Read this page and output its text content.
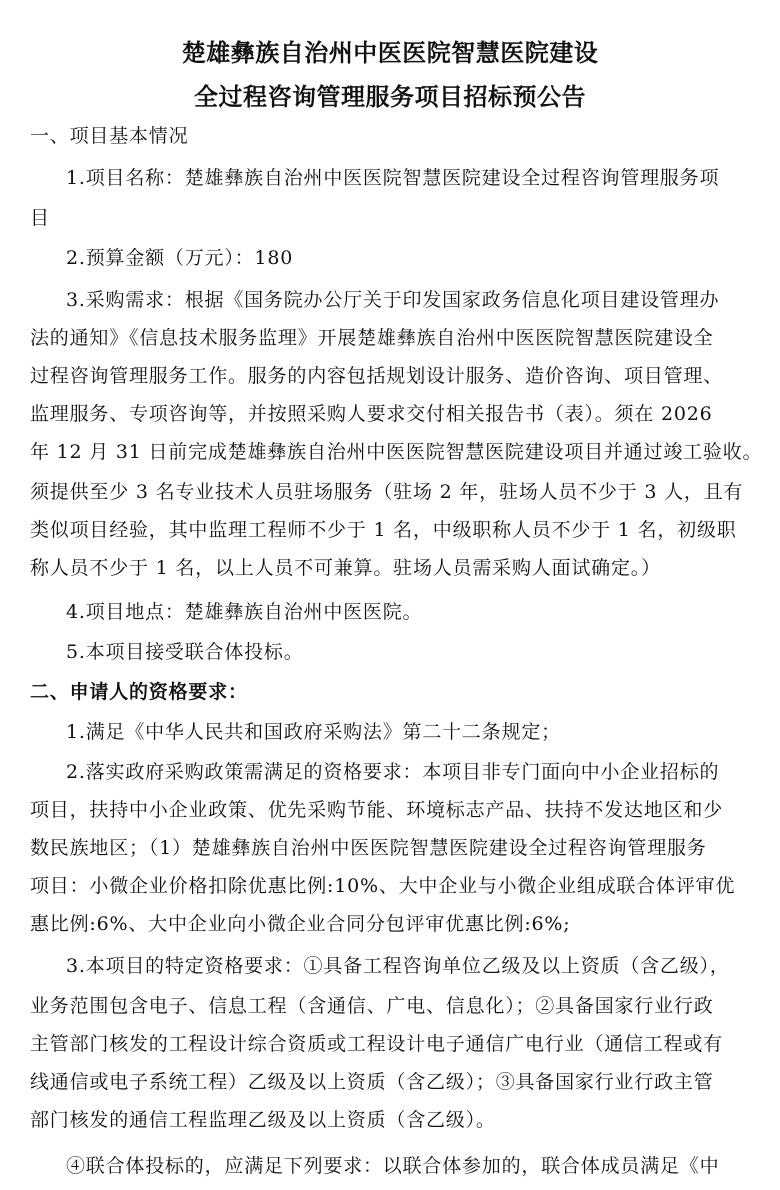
楚雄彝族自治州中医医院智慧医院建设
全过程咨询管理服务项目招标预公告
一、项目基本情况
1.项目名称：楚雄彝族自治州中医医院智慧医院建设全过程咨询管理服务项
目
2.预算金额（万元）：180
3.采购需求：根据《国务院办公厅关于印发国家政务信息化项目建设管理办
法的通知》《信息技术服务监理》开展楚雄彝族自治州中医医院智慧医院建设全
过程咨询管理服务工作。服务的内容包括规划设计服务、造价咨询、项目管理、
监理服务、专项咨询等，并按照采购人要求交付相关报告书（表）。须在 2026
年 12 月 31 日前完成楚雄彝族自治州中医医院智慧医院建设项目并通过竣工验收。
须提供至少 3 名专业技术人员驻场服务（驻场 2 年，驻场人员不少于 3 人，且有
类似项目经验，其中监理工程师不少于 1 名，中级职称人员不少于 1 名，初级职
称人员不少于 1 名，以上人员不可兼算。驻场人员需采购人面试确定。）
4.项目地点：楚雄彝族自治州中医医院。
5.本项目接受联合体投标。
二、申请人的资格要求：
1.满足《中华人民共和国政府采购法》第二十二条规定；
2.落实政府采购政策需满足的资格要求：本项目非专门面向中小企业招标的
项目，扶持中小企业政策、优先采购节能、环境标志产品、扶持不发达地区和少
数民族地区；（1）楚雄彝族自治州中医医院智慧医院建设全过程咨询管理服务
项目：小微企业价格扣除优惠比例:10%、大中企业与小微企业组成联合体评审优
惠比例:6%、大中企业向小微企业合同分包评审优惠比例:6%;
3.本项目的特定资格要求：①具备工程咨询单位乙级及以上资质（含乙级），
业务范围包含电子、信息工程（含通信、广电、信息化）；②具备国家行业行政
主管部门核发的工程设计综合资质或工程设计电子通信广电行业（通信工程或有
线通信或电子系统工程）乙级及以上资质（含乙级）；③具备国家行业行政主管
部门核发的通信工程监理乙级及以上资质（含乙级）。
④联合体投标的，应满足下列要求：以联合体参加的，联合体成员满足《中
